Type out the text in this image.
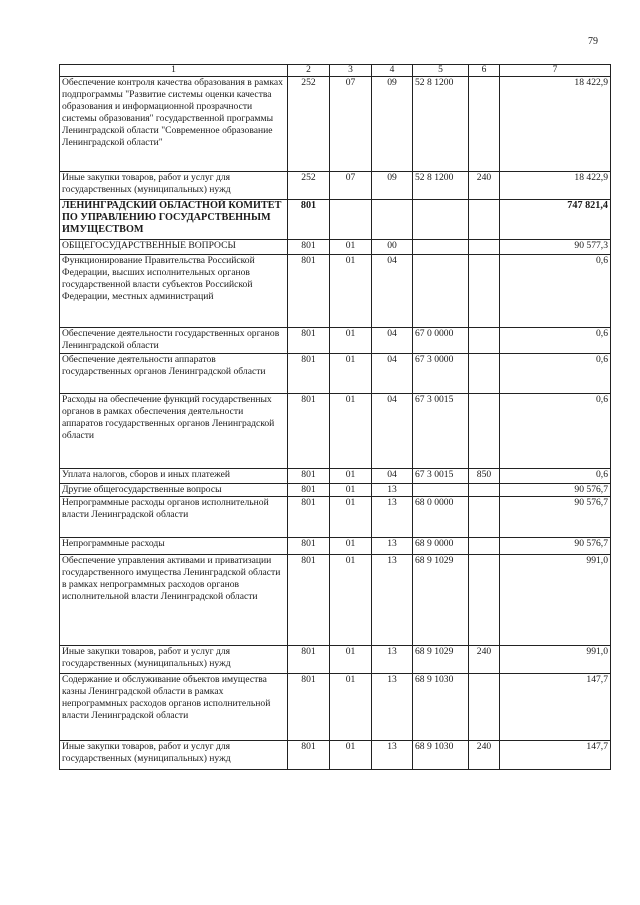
79
1	2	3	4	5	6	7
Обеспечение контроля качества образования в рамках подпрограммы "Развитие системы оценки качества образования и информационной прозрачности системы образования" государственной программы Ленинградской области "Современное образование Ленинградской области"	252	07	09	52 8 1200		18 422,9
Иные закупки товаров, работ и услуг для государственных (муниципальных) нужд	252	07	09	52 8 1200	240	18 422,9
ЛЕНИНГРАДСКИЙ ОБЛАСТНОЙ КОМИТЕТ ПО УПРАВЛЕНИЮ ГОСУДАРСТВЕННЫМ ИМУЩЕСТВОМ	801					747 821,4
ОБЩЕГОСУДАРСТВЕННЫЕ ВОПРОСЫ	801	01	00			90 577,3
Функционирование Правительства Российской Федерации, высших исполнительных органов государственной власти субъектов Российской Федерации, местных администраций	801	01	04			0,6
Обеспечение деятельности государственных органов Ленинградской области	801	01	04	67 0 0000		0,6
Обеспечение деятельности аппаратов государственных органов Ленинградской области	801	01	04	67 3 0000		0,6
Расходы на обеспечение функций государственных органов в рамках обеспечения деятельности аппаратов государственных органов Ленинградской области	801	01	04	67 3 0015		0,6
Уплата налогов, сборов и иных платежей	801	01	04	67 3 0015	850	0,6
Другие общегосударственные вопросы	801	01	13			90 576,7
Непрограммные расходы органов исполнительной власти Ленинградской области	801	01	13	68 0 0000		90 576,7
Непрограммные расходы	801	01	13	68 9 0000		90 576,7
Обеспечение управления активами и приватизации государственного имущества Ленинградской области в рамках непрограммных расходов органов исполнительной власти Ленинградской области	801	01	13	68 9 1029		991,0
Иные закупки товаров, работ и услуг для государственных (муниципальных) нужд	801	01	13	68 9 1029	240	991,0
Содержание и обслуживание объектов имущества казны Ленинградской области в рамках непрограммных расходов органов исполнительной власти Ленинградской области	801	01	13	68 9 1030		147,7
Иные закупки товаров, работ и услуг для государственных (муниципальных) нужд	801	01	13	68 9 1030	240	147,7
